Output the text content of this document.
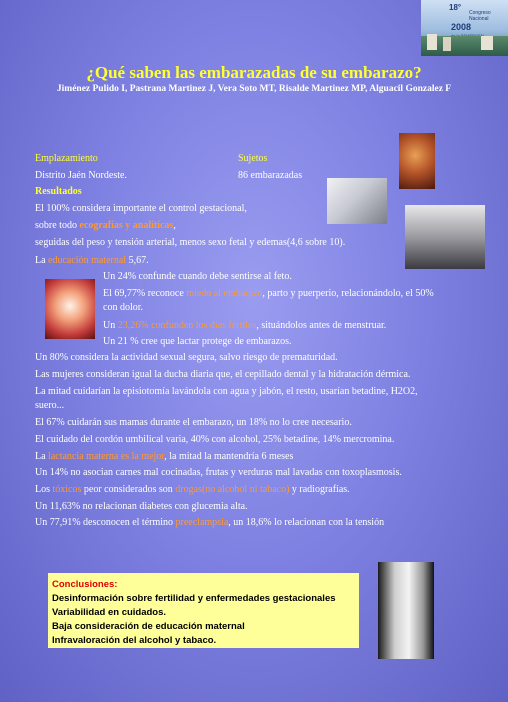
18°
Congreso
Nacional
2008
¿Qué saben las embarazadas de su embarazo?
Jiménez Pulido I, Pastrana Martinez J, Vera Soto MT, Risalde Martinez MP, Alguacil Gonzalez F

Emplazamiento

Distrito Jaén Nordeste.

Sujetos

86 embarazadas

Resultados

El 100% considera importante el control gestacional,

sobre todo ecografías y analíticas,

seguidas del peso y tensión arterial, menos sexo fetal y edemas(4,6 sobre 10).

La educación maternal 5,67.

Un 24% confunde cuando debe sentirse al feto.

El 69,77% reconoce miedo al embarazo, parto y puerperio, relacionándolo, el 50%

con dolor.

Un 23,26% confunden los días fértiles, situándolos antes de menstruar.

Un 21 % cree que lactar protege de embarazos.

Un 80% considera la actividad sexual segura, salvo riesgo de prematuridad.

Las mujeres consideran igual la ducha diaria que, el cepillado dental y la hidratación dérmica.

La mitad cuidarían la episiotomía lavándola con agua y jabón, el resto, usarían betadine, H2O2,

suero...

El 67% cuidarán sus mamas durante el embarazo, un 18% no lo cree necesario.

El cuidado del cordón umbilical varia, 40% con alcohol, 25% betadine, 14% mercromina.

La lactancia materna es la mejor, la mitad la mantendría 6 meses

Un 14% no asocian carnes mal cocinadas, frutas y verduras mal lavadas con toxoplasmosis.

Los tóxicos peor considerados son drogas(no alcohol ni tabaco) y radiografías.

Un 11,63% no relacionan diabetes con glucemia alta.

Un 77,91% desconocen el término preeclampsia, un 18,6% lo relacionan con la tensión

Conclusiones:
Desinformación sobre fertilidad y enfermedades gestacionales
Variabilidad en cuidados.
Baja consideración de educación maternal
Infravaloración del alcohol y tabaco.
